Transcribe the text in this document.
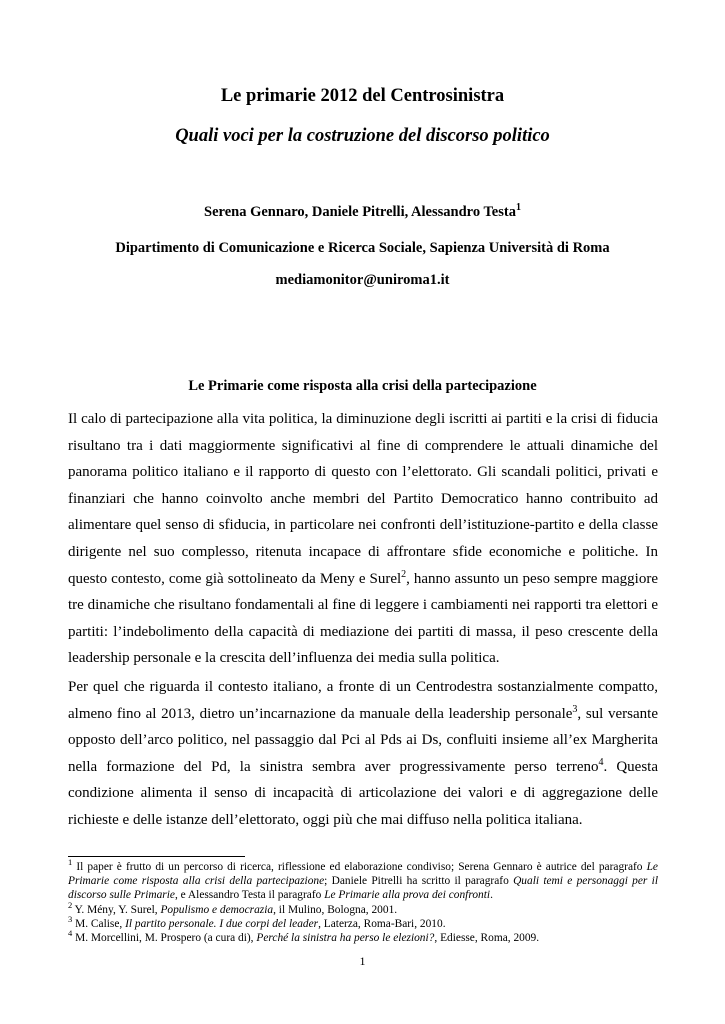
Le primarie 2012 del Centrosinistra
Quali voci per la costruzione del discorso politico
Serena Gennaro, Daniele Pitrelli, Alessandro Testa$^1$
Dipartimento di Comunicazione e Ricerca Sociale, Sapienza Università di Roma
mediamonitor@uniroma1.it
Le Primarie come risposta alla crisi della partecipazione
Il calo di partecipazione alla vita politica, la diminuzione degli iscritti ai partiti e la crisi di fiducia risultano tra i dati maggiormente significativi al fine di comprendere le attuali dinamiche del panorama politico italiano e il rapporto di questo con l’elettorato. Gli scandali politici, privati e finanziari che hanno coinvolto anche membri del Partito Democratico hanno contribuito ad alimentare quel senso di sfiducia, in particolare nei confronti dell’istituzione-partito e della classe dirigente nel suo complesso, ritenuta incapace di affrontare sfide economiche e politiche. In questo contesto, come già sottolineato da Meny e Surel$^2$, hanno assunto un peso sempre maggiore tre dinamiche che risultano fondamentali al fine di leggere i cambiamenti nei rapporti tra elettori e partiti: l’indebolimento della capacità di mediazione dei partiti di massa, il peso crescente della leadership personale e la crescita dell’influenza dei media sulla politica.
Per quel che riguarda il contesto italiano, a fronte di un Centrodestra sostanzialmente compatto, almeno fino al 2013, dietro un’incarnazione da manuale della leadership personale$^3$, sul versante opposto dell’arco politico, nel passaggio dal Pci al Pds ai Ds, confluiti insieme all’ex Margherita nella formazione del Pd, la sinistra sembra aver progressivamente perso terreno$^4$. Questa condizione alimenta il senso di incapacità di articolazione dei valori e di aggregazione delle richieste e delle istanze dell’elettorato, oggi più che mai diffuso nella politica italiana.

$^1$ Il paper è frutto di un percorso di ricerca, riflessione ed elaborazione condiviso; Serena Gennaro è autrice del paragrafo Le Primarie come risposta alla crisi della partecipazione; Daniele Pitrelli ha scritto il paragrafo Quali temi e personaggi per il discorso sulle Primarie, e Alessandro Testa il paragrafo Le Primarie alla prova dei confronti.

$^2$ Y. Mény, Y. Surel, Populismo e democrazia, il Mulino, Bologna, 2001.

$^3$ M. Calise, Il partito personale. I due corpi del leader, Laterza, Roma-Bari, 2010.

$^4$ M. Morcellini, M. Prospero (a cura di), Perché la sinistra ha perso le elezioni?, Ediesse, Roma, 2009.

1
